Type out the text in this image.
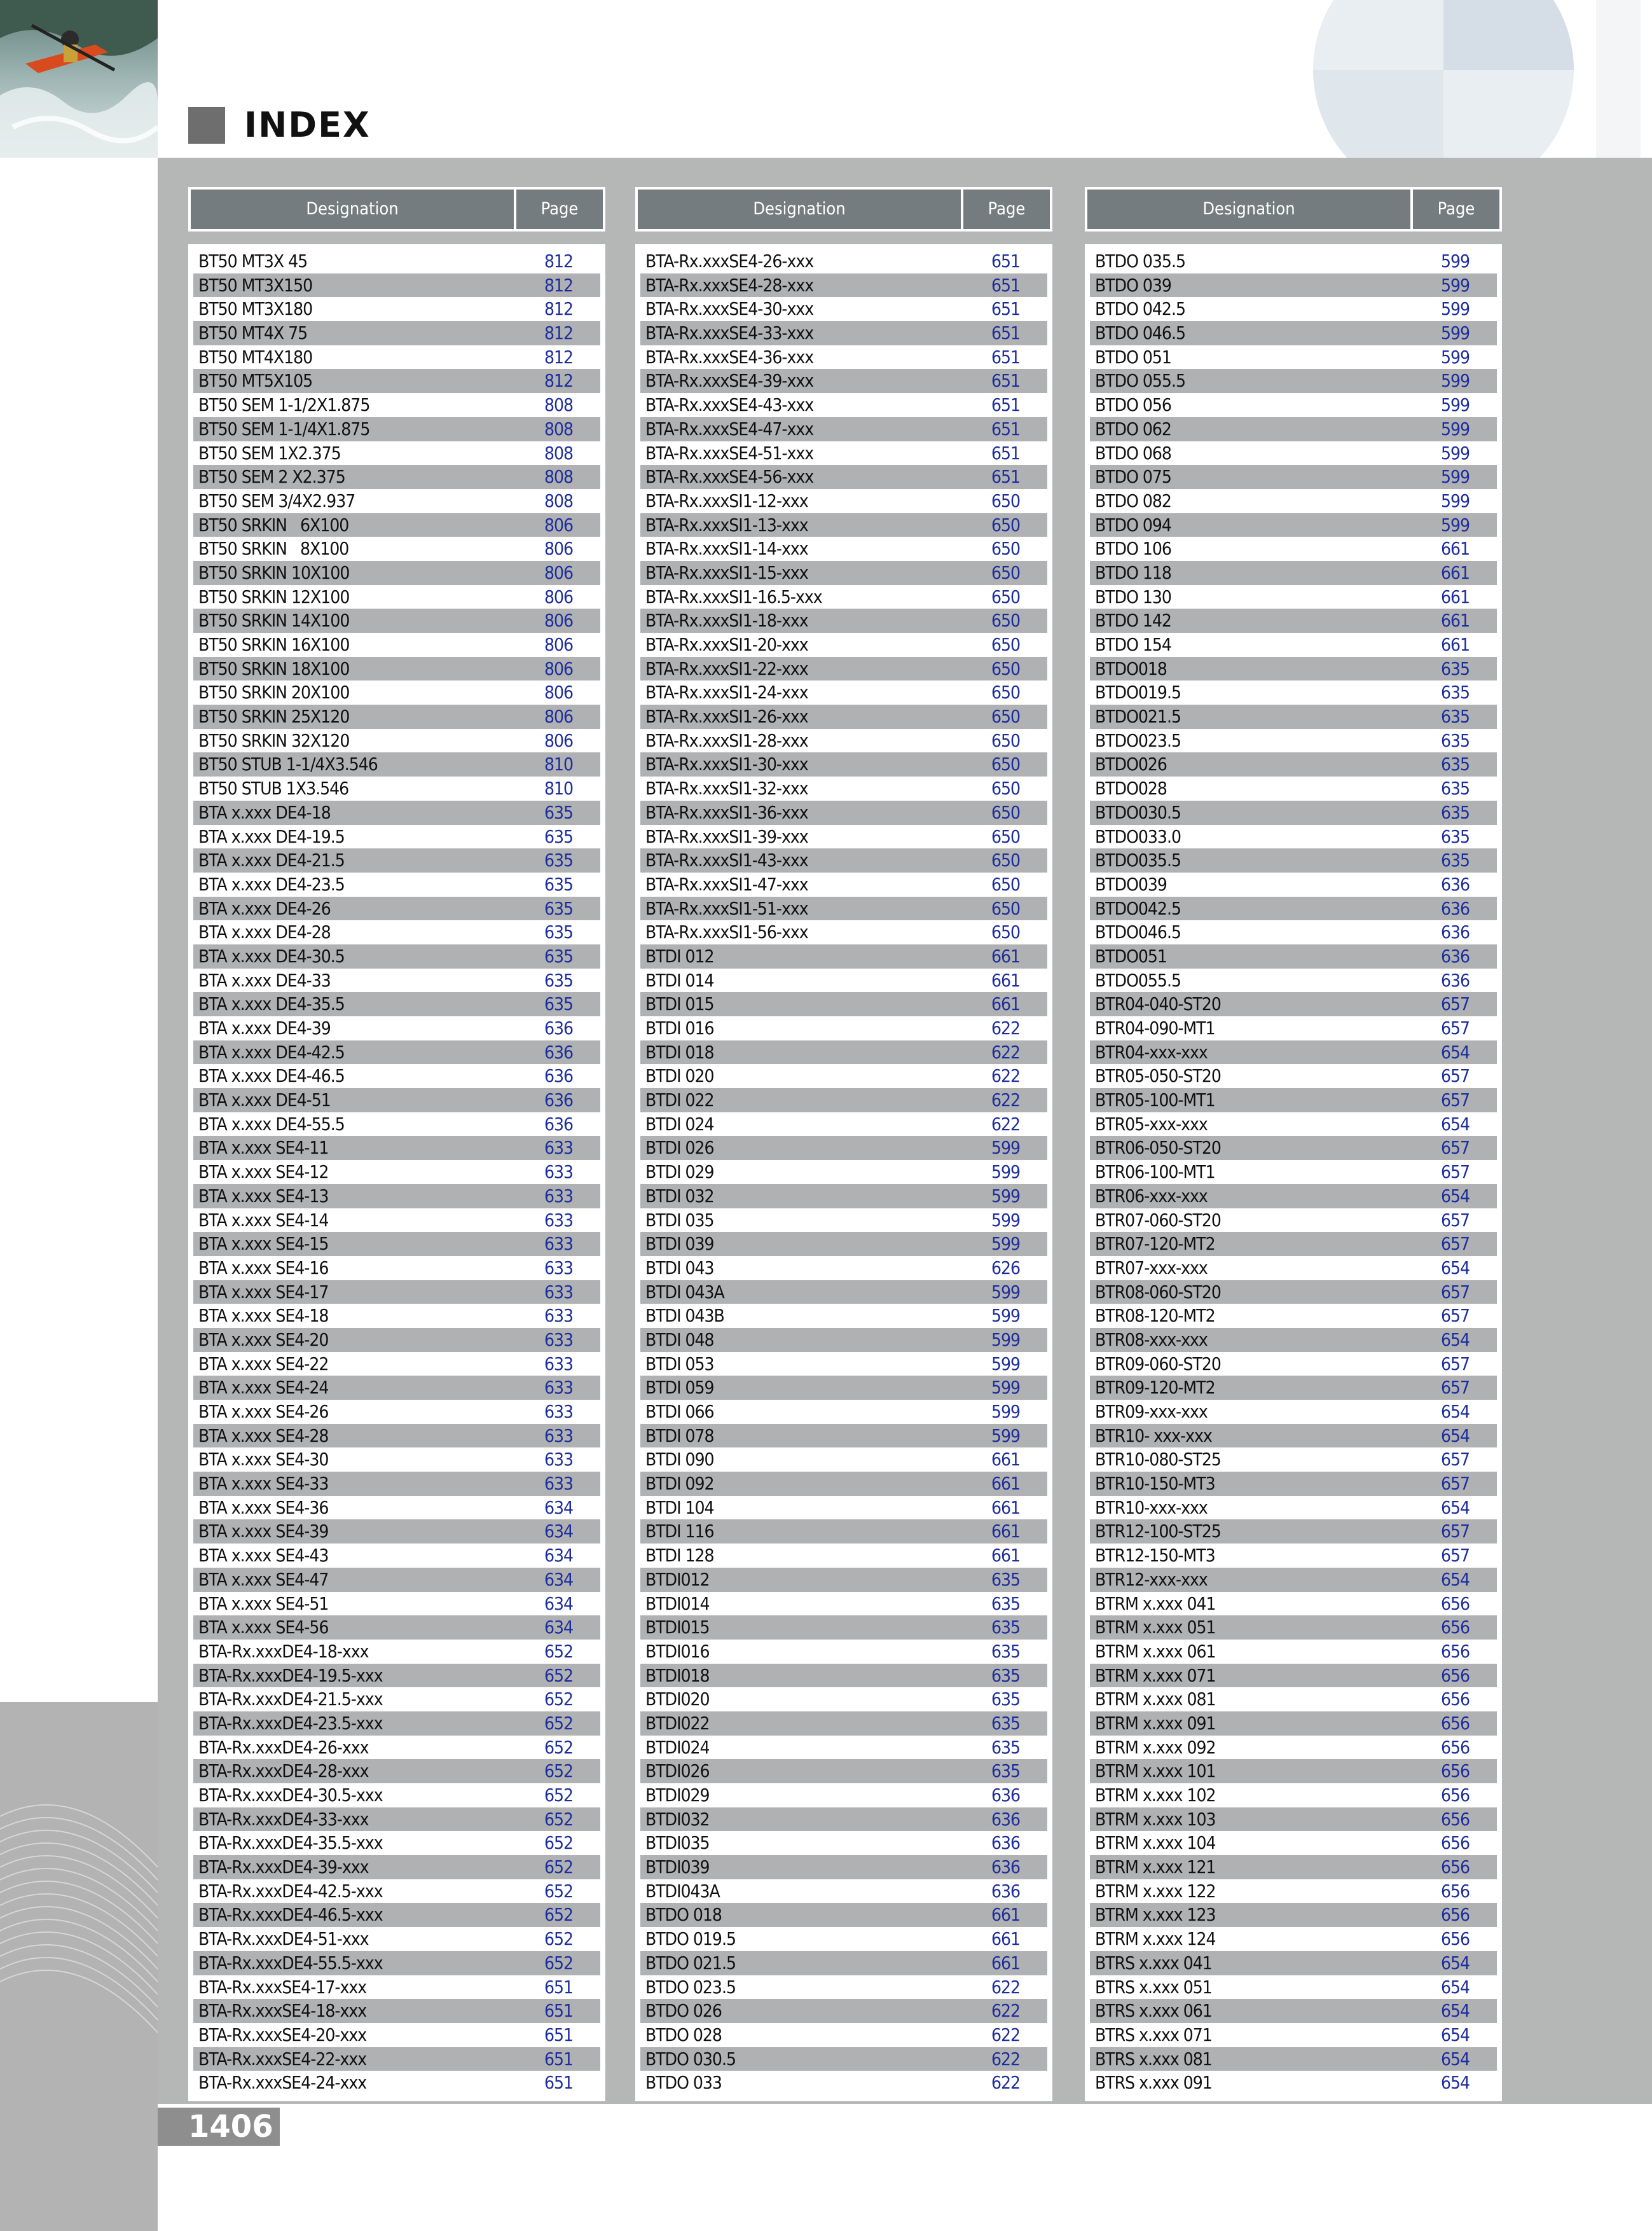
INDEX
Designation	Page
BT50 MT3X 45	812
BT50 MT3X150	812
BT50 MT3X180	812
BT50 MT4X 75	812
BT50 MT4X180	812
BT50 MT5X105	812
BT50 SEM 1-1/2X1.875	808
BT50 SEM 1-1/4X1.875	808
BT50 SEM 1X2.375	808
BT50 SEM 2 X2.375	808
BT50 SEM 3/4X2.937	808
BT50 SRKIN   6X100	806
BT50 SRKIN   8X100	806
BT50 SRKIN 10X100	806
BT50 SRKIN 12X100	806
BT50 SRKIN 14X100	806
BT50 SRKIN 16X100	806
BT50 SRKIN 18X100	806
BT50 SRKIN 20X100	806
BT50 SRKIN 25X120	806
BT50 SRKIN 32X120	806
BT50 STUB 1-1/4X3.546	810
BT50 STUB 1X3.546	810
BTA x.xxx DE4-18	635
BTA x.xxx DE4-19.5	635
BTA x.xxx DE4-21.5	635
BTA x.xxx DE4-23.5	635
BTA x.xxx DE4-26	635
BTA x.xxx DE4-28	635
BTA x.xxx DE4-30.5	635
BTA x.xxx DE4-33	635
BTA x.xxx DE4-35.5	635
BTA x.xxx DE4-39	636
BTA x.xxx DE4-42.5	636
BTA x.xxx DE4-46.5	636
BTA x.xxx DE4-51	636
BTA x.xxx DE4-55.5	636
BTA x.xxx SE4-11	633
BTA x.xxx SE4-12	633
BTA x.xxx SE4-13	633
BTA x.xxx SE4-14	633
BTA x.xxx SE4-15	633
BTA x.xxx SE4-16	633
BTA x.xxx SE4-17	633
BTA x.xxx SE4-18	633
BTA x.xxx SE4-20	633
BTA x.xxx SE4-22	633
BTA x.xxx SE4-24	633
BTA x.xxx SE4-26	633
BTA x.xxx SE4-28	633
BTA x.xxx SE4-30	633
BTA x.xxx SE4-33	633
BTA x.xxx SE4-36	634
BTA x.xxx SE4-39	634
BTA x.xxx SE4-43	634
BTA x.xxx SE4-47	634
BTA x.xxx SE4-51	634
BTA x.xxx SE4-56	634
BTA-Rx.xxxDE4-18-xxx	652
BTA-Rx.xxxDE4-19.5-xxx	652
BTA-Rx.xxxDE4-21.5-xxx	652
BTA-Rx.xxxDE4-23.5-xxx	652
BTA-Rx.xxxDE4-26-xxx	652
BTA-Rx.xxxDE4-28-xxx	652
BTA-Rx.xxxDE4-30.5-xxx	652
BTA-Rx.xxxDE4-33-xxx	652
BTA-Rx.xxxDE4-35.5-xxx	652
BTA-Rx.xxxDE4-39-xxx	652
BTA-Rx.xxxDE4-42.5-xxx	652
BTA-Rx.xxxDE4-46.5-xxx	652
BTA-Rx.xxxDE4-51-xxx	652
BTA-Rx.xxxDE4-55.5-xxx	652
BTA-Rx.xxxSE4-17-xxx	651
BTA-Rx.xxxSE4-18-xxx	651
BTA-Rx.xxxSE4-20-xxx	651
BTA-Rx.xxxSE4-22-xxx	651
BTA-Rx.xxxSE4-24-xxx	651
Designation	Page
BTA-Rx.xxxSE4-26-xxx	651
BTA-Rx.xxxSE4-28-xxx	651
BTA-Rx.xxxSE4-30-xxx	651
BTA-Rx.xxxSE4-33-xxx	651
BTA-Rx.xxxSE4-36-xxx	651
BTA-Rx.xxxSE4-39-xxx	651
BTA-Rx.xxxSE4-43-xxx	651
BTA-Rx.xxxSE4-47-xxx	651
BTA-Rx.xxxSE4-51-xxx	651
BTA-Rx.xxxSE4-56-xxx	651
BTA-Rx.xxxSI1-12-xxx	650
BTA-Rx.xxxSI1-13-xxx	650
BTA-Rx.xxxSI1-14-xxx	650
BTA-Rx.xxxSI1-15-xxx	650
BTA-Rx.xxxSI1-16.5-xxx	650
BTA-Rx.xxxSI1-18-xxx	650
BTA-Rx.xxxSI1-20-xxx	650
BTA-Rx.xxxSI1-22-xxx	650
BTA-Rx.xxxSI1-24-xxx	650
BTA-Rx.xxxSI1-26-xxx	650
BTA-Rx.xxxSI1-28-xxx	650
BTA-Rx.xxxSI1-30-xxx	650
BTA-Rx.xxxSI1-32-xxx	650
BTA-Rx.xxxSI1-36-xxx	650
BTA-Rx.xxxSI1-39-xxx	650
BTA-Rx.xxxSI1-43-xxx	650
BTA-Rx.xxxSI1-47-xxx	650
BTA-Rx.xxxSI1-51-xxx	650
BTA-Rx.xxxSI1-56-xxx	650
BTDI 012	661
BTDI 014	661
BTDI 015	661
BTDI 016	622
BTDI 018	622
BTDI 020	622
BTDI 022	622
BTDI 024	622
BTDI 026	599
BTDI 029	599
BTDI 032	599
BTDI 035	599
BTDI 039	599
BTDI 043	626
BTDI 043A	599
BTDI 043B	599
BTDI 048	599
BTDI 053	599
BTDI 059	599
BTDI 066	599
BTDI 078	599
BTDI 090	661
BTDI 092	661
BTDI 104	661
BTDI 116	661
BTDI 128	661
BTDI012	635
BTDI014	635
BTDI015	635
BTDI016	635
BTDI018	635
BTDI020	635
BTDI022	635
BTDI024	635
BTDI026	635
BTDI029	636
BTDI032	636
BTDI035	636
BTDI039	636
BTDI043A	636
BTDO 018	661
BTDO 019.5	661
BTDO 021.5	661
BTDO 023.5	622
BTDO 026	622
BTDO 028	622
BTDO 030.5	622
BTDO 033	622
Designation	Page
BTDO 035.5	599
BTDO 039	599
BTDO 042.5	599
BTDO 046.5	599
BTDO 051	599
BTDO 055.5	599
BTDO 056	599
BTDO 062	599
BTDO 068	599
BTDO 075	599
BTDO 082	599
BTDO 094	599
BTDO 106	661
BTDO 118	661
BTDO 130	661
BTDO 142	661
BTDO 154	661
BTDO018	635
BTDO019.5	635
BTDO021.5	635
BTDO023.5	635
BTDO026	635
BTDO028	635
BTDO030.5	635
BTDO033.0	635
BTDO035.5	635
BTDO039	636
BTDO042.5	636
BTDO046.5	636
BTDO051	636
BTDO055.5	636
BTR04-040-ST20	657
BTR04-090-MT1	657
BTR04-xxx-xxx	654
BTR05-050-ST20	657
BTR05-100-MT1	657
BTR05-xxx-xxx	654
BTR06-050-ST20	657
BTR06-100-MT1	657
BTR06-xxx-xxx	654
BTR07-060-ST20	657
BTR07-120-MT2	657
BTR07-xxx-xxx	654
BTR08-060-ST20	657
BTR08-120-MT2	657
BTR08-xxx-xxx	654
BTR09-060-ST20	657
BTR09-120-MT2	657
BTR09-xxx-xxx	654
BTR10- xxx-xxx	654
BTR10-080-ST25	657
BTR10-150-MT3	657
BTR10-xxx-xxx	654
BTR12-100-ST25	657
BTR12-150-MT3	657
BTR12-xxx-xxx	654
BTRM x.xxx 041	656
BTRM x.xxx 051	656
BTRM x.xxx 061	656
BTRM x.xxx 071	656
BTRM x.xxx 081	656
BTRM x.xxx 091	656
BTRM x.xxx 092	656
BTRM x.xxx 101	656
BTRM x.xxx 102	656
BTRM x.xxx 103	656
BTRM x.xxx 104	656
BTRM x.xxx 121	656
BTRM x.xxx 122	656
BTRM x.xxx 123	656
BTRM x.xxx 124	656
BTRS x.xxx 041	654
BTRS x.xxx 051	654
BTRS x.xxx 061	654
BTRS x.xxx 071	654
BTRS x.xxx 081	654
BTRS x.xxx 091	654
1406
